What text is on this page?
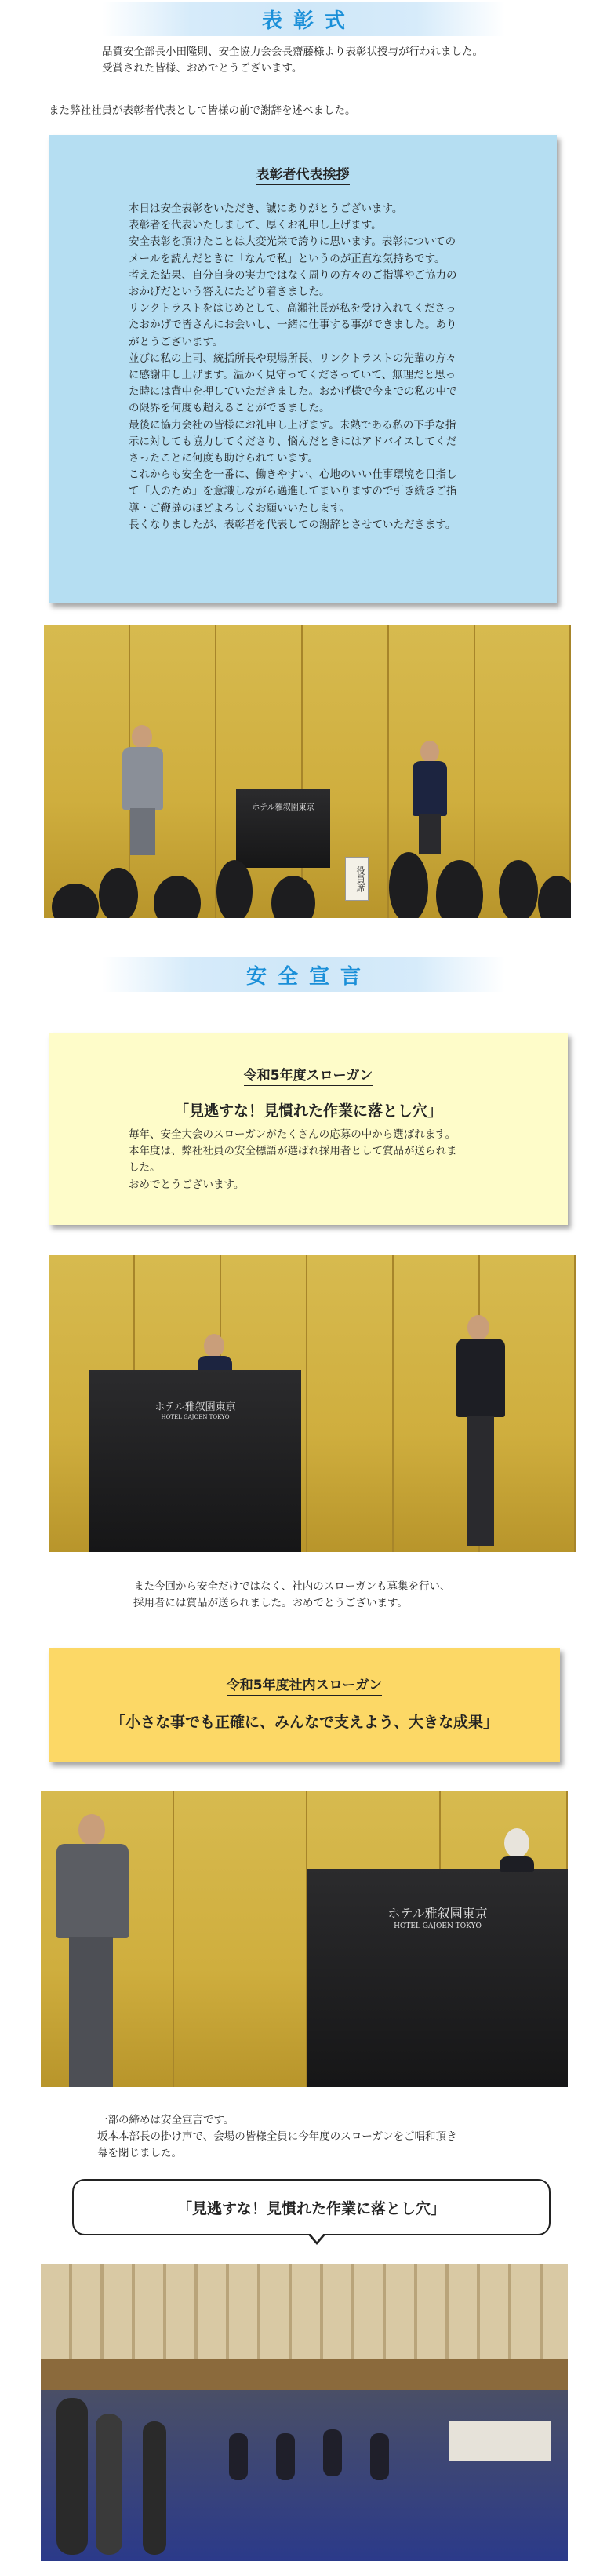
表彰式
品質安全部長小田隆則、安全協力会会長齋藤様より表彰状授与が行われました。
受賞された皆様、おめでとうございます。
また弊社社員が表彰者代表として皆様の前で謝辞を述べました。
表彰者代表挨拶
本日は安全表彰をいただき、誠にありがとうございます。
表彰者を代表いたしまして、厚くお礼申し上げます。
安全表彰を頂けたことは大変光栄で誇りに思います。表彰についての
メールを読んだときに「なんで私」というのが正直な気持ちです。
考えた結果、自分自身の実力ではなく周りの方々のご指導やご協力の
おかげだという答えにたどり着きました。
リンクトラストをはじめとして、高瀬社長が私を受け入れてくださっ
たおかげで皆さんにお会いし、一緒に仕事する事ができました。あり
がとうございます。
並びに私の上司、統括所長や現場所長、リンクトラストの先輩の方々
に感謝申し上げます。温かく見守ってくださっていて、無理だと思っ
た時には背中を押していただきました。おかげ様で今までの私の中で
の限界を何度も超えることができました。
最後に協力会社の皆様にお礼申し上げます。未熟である私の下手な指
示に対しても協力してくださり、悩んだときにはアドバイスしてくだ
さったことに何度も助けられています。
これからも安全を一番に、働きやすい、心地のいい仕事環境を目指し
て「人のため」を意識しながら邁進してまいりますので引き続きご指
導・ご鞭撻のほどよろしくお願いいたします。
長くなりましたが、表彰者を代表しての謝辞とさせていただきます。
ホテル雅叙園東京
役員席
安全宣言
令和5年度スローガン
「見逃すな！見慣れた作業に落とし穴」
毎年、安全大会のスローガンがたくさんの応募の中から選ばれます。
本年度は、弊社社員の安全標語が選ばれ採用者として賞品が送られま
した。
おめでとうございます。
ホテル雅叙園東京
HOTEL GAJOEN TOKYO
また今回から安全だけではなく、社内のスローガンも募集を行い、
採用者には賞品が送られました。おめでとうございます。
令和5年度社内スローガン
「小さな事でも正確に、みんなで支えよう、大きな成果」
ホテル雅叙園東京
HOTEL GAJOEN TOKYO
一部の締めは安全宣言です。
坂本本部長の掛け声で、会場の皆様全員に今年度のスローガンをご唱和頂き
幕を閉じました。
「見逃すな！見慣れた作業に落とし穴」
